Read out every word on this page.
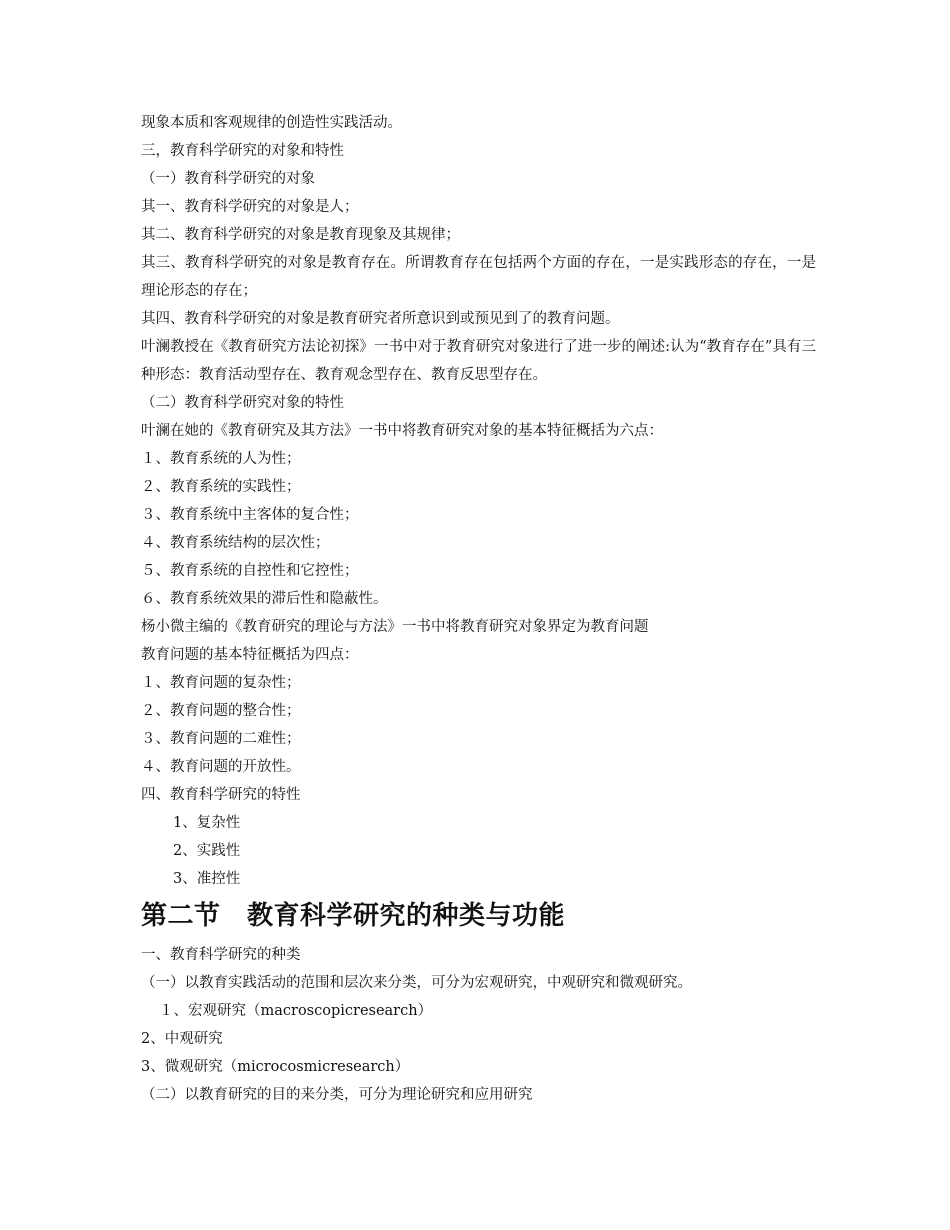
现象本质和客观规律的创造性实践活动。

三，教育科学研究的对象和特性

（一）教育科学研究的对象

其一、教育科学研究的对象是人；

其二、教育科学研究的对象是教育现象及其规律；

其三、教育科学研究的对象是教育存在。所谓教育存在包括两个方面的存在，一是实践形态的存在，一是理论形态的存在；

其四、教育科学研究的对象是教育研究者所意识到或预见到了的教育问题。

叶澜教授在《教育研究方法论初探》一书中对于教育研究对象进行了进一步的阐述:认为“教育存在”具有三种形态：教育活动型存在、教育观念型存在、教育反思型存在。

（二）教育科学研究对象的特性

叶澜在她的《教育研究及其方法》一书中将教育研究对象的基本特征概括为六点：

１、教育系统的人为性；

２、教育系统的实践性；

３、教育系统中主客体的复合性；

４、教育系统结构的层次性；

５、教育系统的自控性和它控性；

６、教育系统效果的滞后性和隐蔽性。

杨小微主编的《教育研究的理论与方法》一书中将教育研究对象界定为教育问题

教育问题的基本特征概括为四点：

１、教育问题的复杂性；

２、教育问题的整合性；

３、教育问题的二难性；

４、教育问题的开放性。

四、教育科学研究的特性

1、复杂性

2、实践性

3、准控性

第二节　教育科学研究的种类与功能

一、教育科学研究的种类

（一）以教育实践活动的范围和层次来分类，可分为宏观研究，中观研究和微观研究。

１、宏观研究（macroscopicresearch）

2、中观研究

3、微观研究（microcosmicresearch）

（二）以教育研究的目的来分类，可分为理论研究和应用研究
